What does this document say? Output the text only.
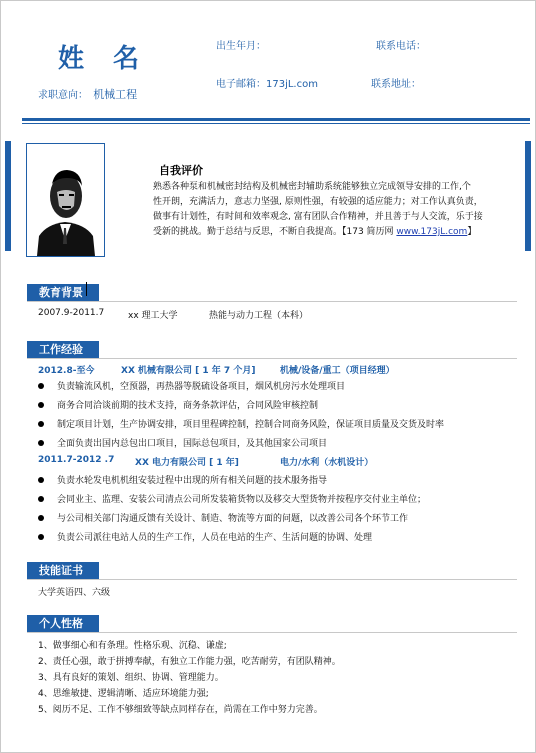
姓 名
求职意向： 机械工程
出生年月：	联系电话：
电子邮箱：173jL.com	联系地址：
自我评价
熟悉各种泵和机械密封结构及机械密封辅助系统能够独立完成领导安排的工作,个
性开朗，充满活力，意志力坚强, 原则性强，有较强的适应能力；对工作认真负责，
做事有计划性，有时间和效率观念, 富有团队合作精神，并且善于与人交流，乐于接
受新的挑战。勤于总结与反思，不断自我提高。【173 简历网 www.173jL.com】
教育背景
2007.9-2011.7	xx 理工大学	热能与动力工程（本科）
工作经验
2012.8-至今	XX 机械有限公司 [ 1 年 7 个月]	机械/设备/重工（项目经理）
负责输流风机，空预器，再热器等脱硫设备项目，烟风机房污水处理项目
商务合同洽谈前期的技术支持，商务条款评估，合同风险审核控制
制定项目计划，生产协调安排，项目里程碑控制，控制合同商务风险，保证项目质量及交货及时率
全面负责出国内总包出口项目，国际总包项目，及其他国家公司项目
2011.7-2012 .7 XX 电力有限公司 [ 1 年]	电力/水利（水机设计）
负责水轮发电机机组安装过程中出现的所有相关问题的技术服务指导
会同业主、监理、安装公司清点公司所发装箱货物以及移交大型货物并按程序交付业主单位；
与公司相关部门沟通反馈有关设计、制造、物流等方面的问题，以改善公司各个环节工作
负责公司派往电站人员的生产工作，人员在电站的生产、生活问题的协调、处理
技能证书
大学英语四、六级
个人性格
1、做事细心和有条理。性格乐观、沉稳、谦虚;
2、责任心强，敢于拼搏奉献，有独立工作能力强，吃苦耐劳，有团队精神。
3、具有良好的策划、组织、协调、管理能力。
4、思维敏捷、逻辑清晰、适应环境能力强;
5、阅历不足、工作不够细致等缺点同样存在，尚需在工作中努力完善。
